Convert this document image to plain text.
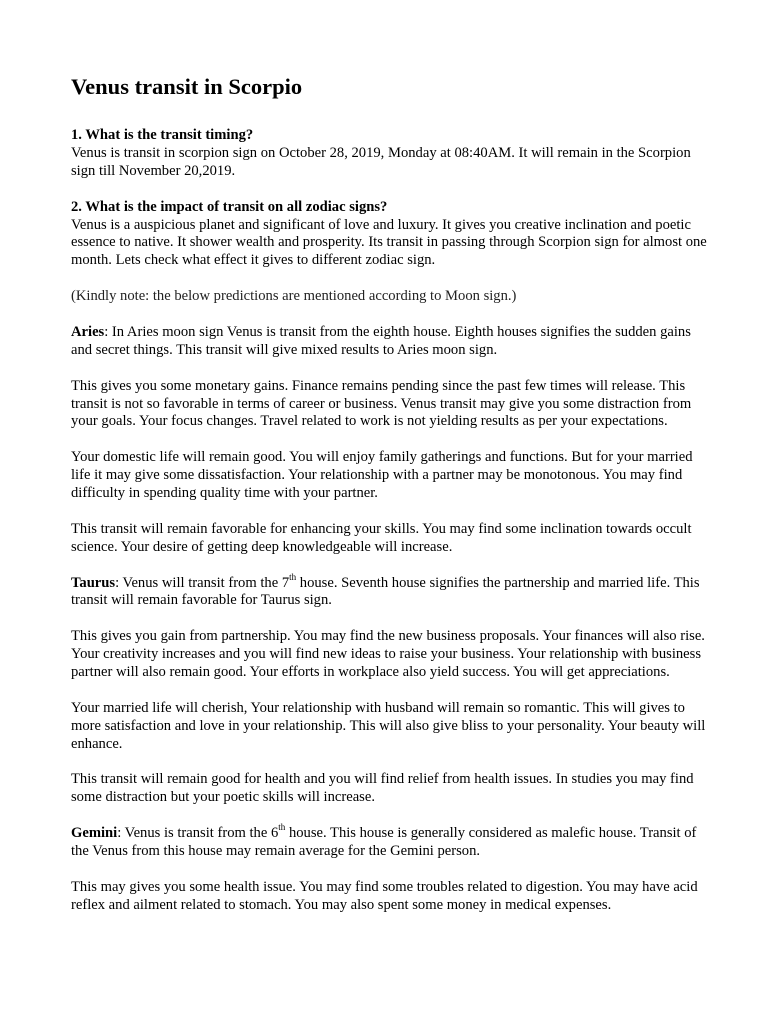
Venus transit in Scorpio

1. What is the transit timing?
Venus is transit in scorpion sign on October 28, 2019, Monday at 08:40AM. It will remain in the Scorpion sign till November 20,2019.

2. What is the impact of transit on all zodiac signs?
Venus is a auspicious planet and significant of love and luxury. It gives you creative inclination and poetic essence to native. It shower wealth and prosperity. Its transit in passing through Scorpion sign for almost one month. Lets check what effect it gives to different zodiac sign.

(Kindly note: the below predictions are mentioned according to Moon sign.)

Aries: In Aries moon sign Venus is transit from the eighth house. Eighth houses signifies the sudden gains and secret things. This transit will give mixed results to Aries moon sign.

This gives you some monetary gains. Finance remains pending since the past few times will release. This transit is not so favorable in terms of career or business. Venus transit may give you some distraction from your goals. Your focus changes. Travel related to work is not yielding results as per your expectations.

Your domestic life will remain good. You will enjoy family gatherings and functions. But for your married life it may give some dissatisfaction. Your relationship with a partner may be monotonous. You may find difficulty in spending quality time with your partner.

This transit will remain favorable for enhancing your skills. You may find some inclination towards occult science. Your desire of getting deep knowledgeable will increase.

Taurus: Venus will transit from the 7th house. Seventh house signifies the partnership and married life. This transit will remain favorable for Taurus sign.

This gives you gain from partnership. You may find the new business proposals. Your finances will also rise. Your creativity increases and you will find new ideas to raise your business. Your relationship with business partner will also remain good. Your efforts in workplace also yield success. You will get appreciations.

Your married life will cherish, Your relationship with husband will remain so romantic. This will gives to more satisfaction and love in your relationship. This will also give bliss to your personality. Your beauty will enhance.

This transit will remain good for health and you will find relief from health issues. In studies you may find some distraction but your poetic skills will increase.

Gemini: Venus is transit from the 6th house. This house is generally considered as malefic house. Transit of the Venus from this house may remain average for the Gemini person.

This may gives you some health issue. You may find some troubles related to digestion. You may have acid reflex and ailment related to stomach. You may also spent some money in medical expenses.
